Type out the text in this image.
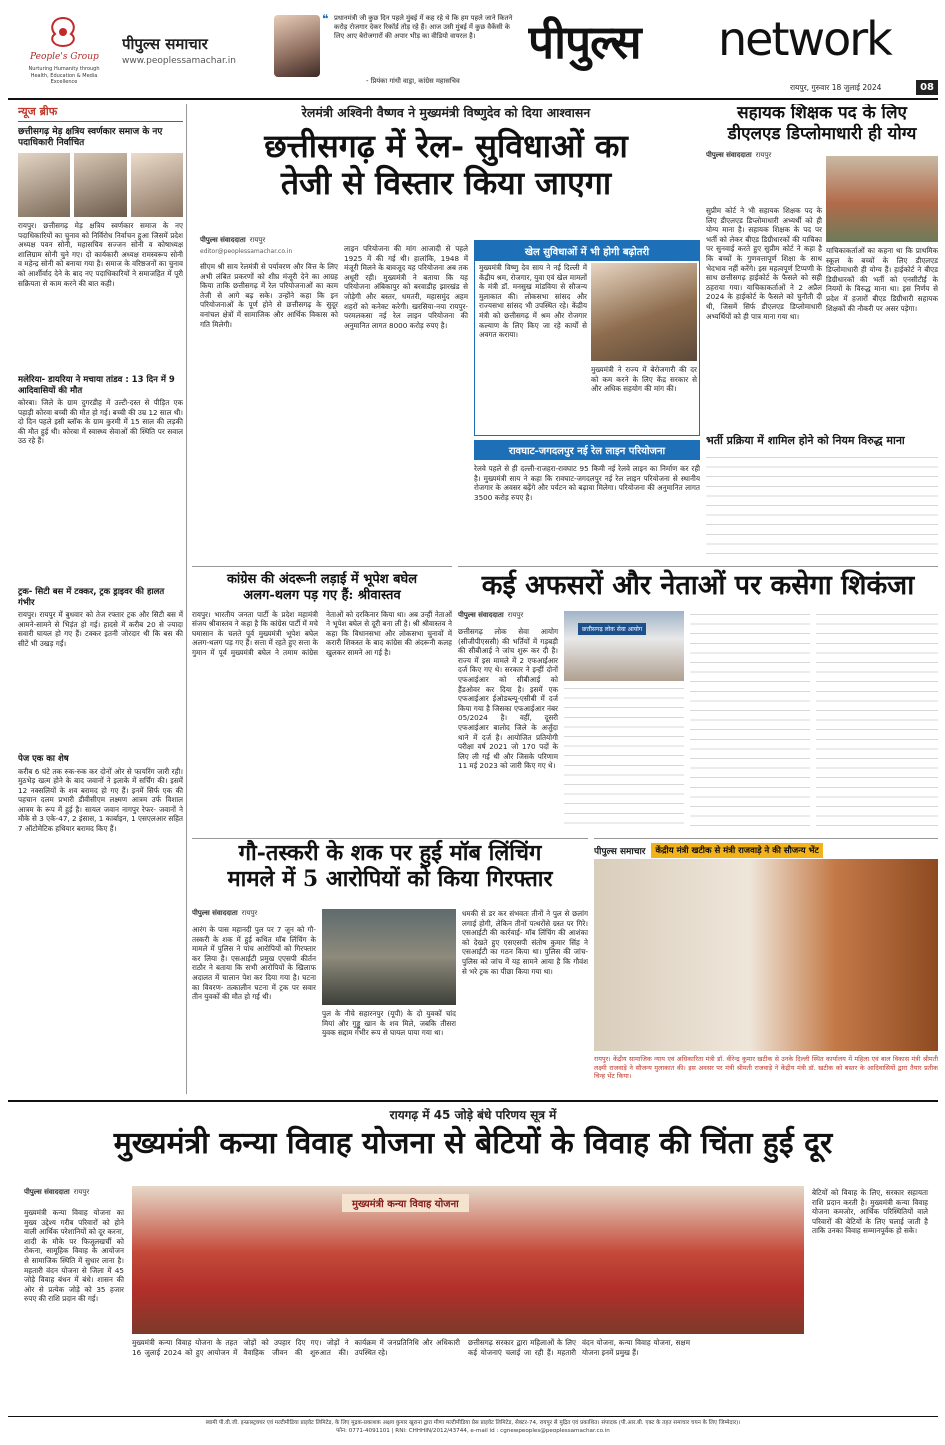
People's Group
Nurturing Humanity through Health, Education & Media Excellence
पीपुल्स समाचार
www.peoplessamachar.in
❝ प्रधानमंत्री जी कुछ दिन पहले मुंबई में कह रहे थे कि हम पहले जाने कितने करोड़ रोजगार देकर रिकॉर्ड तोड़ रहे हैं। आज उसी मुंबई में कुछ वैकेंसी के लिए आए बेरोजगारों की अपार भीड़ का वीडियो वायरल है।
- प्रियंका गांधी वाड्रा, कांग्रेस महासचिव
पीपुल्स network
रायपुर, गुरुवार 18 जुलाई 2024	08
न्यूज ब्रीफ
छत्तीसगढ़ मेड़ क्षत्रिय स्वर्णकार समाज के नए पदाधिकारी निर्वाचित
रायपुर। छत्तीसगढ़ मेड़ क्षत्रिय स्वर्णकार समाज के नए पदाधिकारियों का चुनाव को निर्विरोध निर्वाचन हुआ जिसमें प्रदेश अध्यक्ष पवन सोनी, महासचिव सज्जन सोनी व कोषाध्यक्ष शालिग्राम सोनी चुने गए। दो कार्यकारी अध्यक्ष रामस्वरूप सोनी व महेन्द्र सोनी को बनाया गया है। समाज के वरिष्ठजनों का चुनाव को आर्शीर्वाद देने के बाद नए पदाधिकारियों ने समाजहित में पूरी सक्रियता से काम करने की बात कही।
मलेरिया- डायरिया ने मचाया तांडव : 13 दिन में 9 आदिवासियों की मौत
कोरबा। जिले के ग्राम दुगरडीह में उल्टी-दस्त से पीड़ित एक पहाड़ी कोरवा बच्ची की मौत हो गई। बच्ची की उम्र 12 साल थी। दो दिन पहले इसी ब्लॉक के ग्राम कुरमी में 15 साल की लड़की की मौत हुई थी। कोरबा में स्वास्थ्य सेवाओं की स्थिति पर सवाल उठ रहे हैं।
ट्रक- सिटी बस में टक्कर, ट्रक ड्राइवर की हालत गंभीर
रायपुर। रायपुर में बुधवार को तेज रफ्तार ट्रक और सिटी बस में आमने-सामने से भिड़ंत हो गई। हादसे में करीब 20 से ज्यादा सवारी घायल हो गए हैं। टक्कर इतनी जोरदार थी कि बस की सीटें भी उखड़ गईं।
पेज एक का शेष
करीब 6 घंटे तक रुक-रुक कर दोनों ओर से फायरिंग जारी रही। मुठभेड़ खत्म होने के बाद जवानों ने इलाके में सर्चिंग की। इसमें 12 नक्सलियों के शव बरामद हो गए हैं। इनमें सिर्फ एक की पहचान दलम प्रभारी डीवीसीएम लक्ष्मण आत्रम उर्फ विशाल आत्रम के रूप में हुई है। सायल जवान नागपुर रेफर- जवानों ने मौके से 3 एके-47, 2 इंसास, 1 कार्बाइन, 1 एसएलआर सहित 7 ऑटोमेटिक हथियार बरामद किए हैं।
रेलमंत्री अश्विनी वैष्णव ने मुख्यमंत्री विष्णुदेव को दिया आश्वासन
छत्तीसगढ़ में रेल- सुविधाओं का
तेजी से विस्तार किया जाएगा
पीपुल्स संवाददाता रायपुर
editor@peoplessamachar.co.in
सीएम श्री साय रेलमंत्री से पर्यावरण और वित्त के लिए अभी लंबित प्रकरणों को शीघ्र मंजूरी देने का आग्रह किया ताकि छत्तीसगढ़ में रेल परियोजनाओं का काम तेजी से आगे बढ़ सके। उन्होंने कहा कि इन परियोजनाओं के पूर्ण होने से छत्तीसगढ़ के सुदूर वनांचल क्षेत्रों में सामाजिक और आर्थिक विकास को गति मिलेगी।
लाइन परियोजना की मांग आजादी से पहले 1925 में की गई थी। हालांकि, 1948 में मंजूरी मिलने के बावजूद यह परियोजना अब तक अधूरी रही। मुख्यमंत्री ने बताया कि यह परियोजना अंबिकापुर को बरवाडीह झारखंड से जोड़ेगी और बस्तर, धमतरी, महासमुंद अहम शहरों को कनेक्ट करेगी। खरसिया-नया रायपुर-परमलकसा नई रेल लाइन परियोजना की अनुमानित लागत 8000 करोड़ रुपए है।
खेल सुविधाओं में भी होगी बढ़ोतरी
मुख्यमंत्री विष्णु देव साय ने नई दिल्ली में केंद्रीय श्रम, रोजगार, युवा एवं खेल मामलों के मंत्री डॉ. मनसुख मांडविया से सौजन्य मुलाकात की। लोकसभा सांसद और राज्यसभा सांसद भी उपस्थित रहे। केंद्रीय मंत्री को छत्तीसगढ़ में श्रम और रोजगार कल्याण के लिए किए जा रहे कार्यों से अवगत कराया।
मुख्यमंत्री ने राज्य में बेरोजगारी की दर को कम करने के लिए केंद्र सरकार से और अधिक सहयोग की मांग की।
रावघाट-जगदलपुर नई रेल लाइन परियोजना
रेलवे पहले से ही दल्ली-राजहरा-रावघाट 95 किमी नई रेलवे लाइन का निर्माण कर रही है। मुख्यमंत्री साय ने कहा कि रावघाट-जगदलपुर नई रेल लाइन परियोजना से स्थानीय रोजगार के अवसर बढ़ेंगे और पर्यटन को बढ़ावा मिलेगा। परियोजना की अनुमानित लागत 3500 करोड़ रुपए है।
सहायक शिक्षक पद के लिए
डीएलएड डिप्लोमाधारी ही योग्य
पीपुल्स संवाददाता रायपुर
सुप्रीम कोर्ट ने भी सहायक शिक्षक पद के लिए डीएलएड डिप्लोमाधारी अभ्यर्थी को ही योग्य माना है। सहायक शिक्षक के पद पर भर्ती को लेकर बीएड डिग्रीधारकों की याचिका पर सुनवाई करते हुए सुप्रीम कोर्ट ने कहा है कि बच्चों के गुणवत्तापूर्ण शिक्षा के साथ भेदभाव नहीं करेंगे। इस महत्वपूर्ण टिप्पणी के साथ छत्तीसगढ़ हाईकोर्ट के फैसले को सही ठहराया गया। याचिकाकर्ताओं ने 2 अप्रैल 2024 के हाईकोर्ट के फैसले को चुनौती दी थी, जिसमें सिर्फ डीएलएड डिप्लोमाधारी अभ्यर्थियों को ही पात्र माना गया था।
याचिकाकर्ताओं का कहना था कि प्राथमिक स्कूल के बच्चों के लिए डीएलएड डिप्लोमाधारी ही योग्य हैं। हाईकोर्ट ने बीएड डिग्रीधारकों की भर्ती को एनसीटीई के नियमों के विरुद्ध माना था। इस निर्णय से प्रदेश में हजारों बीएड डिग्रीधारी सहायक शिक्षकों की नौकरी पर असर पड़ेगा।
भर्ती प्रक्रिया में शामिल होने को नियम विरुद्ध माना
कांग्रेस की अंदरूनी लड़ाई में भूपेश बघेल
अलग-थलग पड़ गए हैं: श्रीवास्तव
रायपुर। भारतीय जनता पार्टी के प्रदेश महामंत्री संजय श्रीवास्तव ने कहा है कि कांग्रेस पार्टी में मचे घमासान के चलते पूर्व मुख्यमंत्री भूपेश बघेल अलग-थलग पड़ गए हैं। सत्ता में रहते हुए सत्ता के गुमान में पूर्व मुख्यमंत्री बघेल ने तमाम कांग्रेस नेताओं को दरकिनार किया था। अब उन्हीं नेताओं ने भूपेश बघेल से दूरी बना ली है। श्री श्रीवास्तव ने कहा कि विधानसभा और लोकसभा चुनावों में करारी शिकस्त के बाद कांग्रेस की अंदरूनी कलह खुलकर सामने आ गई है।
कई अफसरों और नेताओं पर कसेगा शिकंजा
पीपुल्स संवाददाता रायपुर
छत्तीसगढ़ लोक सेवा आयोग (सीजीपीएससी) की भर्तियों में गड़बड़ी की सीबीआई ने जांच शुरू कर दी है। राज्य में इस मामले में 2 एफआईआर दर्ज किए गए थे। सरकार ने इन्हीं दोनों एफआईआर को सीबीआई को हैंडओवर कर दिया है। इसमें एक एफआईआर ईओडब्ल्यू-एसीबी में दर्ज किया गया है जिसका एफआईआर नंबर 05/2024 है। वहीं, दूसरी एफआईआर बालोद जिले के अर्जुंदा थाने में दर्ज है। आयोजित प्रतियोगी परीक्षा वर्ष 2021 जो 170 पदों के लिए ली गई थी और जिसके परिणाम 11 मई 2023 को जारी किए गए थे।
छत्तीसगढ़ लोक सेवा आयोग
गौ-तस्करी के शक पर हुई मॉब लिंचिंग
मामले में 5 आरोपियों को किया गिरफ्तार
पीपुल्स संवाददाता रायपुर
आरंग के पास महानदी पुल पर 7 जून को गौ-तस्करी के शक में हुई कथित मॉब लिंचिंग के मामले में पुलिस ने पांच आरोपियों को गिरफ्तार कर लिया है। एसआईटी प्रमुख एएसपी कीर्तन राठौर ने बताया कि सभी आरोपियों के खिलाफ अदालत में चालान पेश कर दिया गया है। घटना का विवरण- तत्कालीन घटना में ट्रक पर सवार तीन युवकों की मौत हो गई थी।
पुल के नीचे सहारनपुर (यूपी) के दो युवकों चांद मियां और गुड्डू खान के शव मिले, जबकि तीसरा युवक सद्दाम गंभीर रूप से घायल पाया गया था।
धमकी से डर कर संभवतः तीनों ने पुल से छलांग लगाई होगी, लेकिन तीनों पत्थरोंसे ग्रस्त पर गिरे। एसआईटी की कार्रवाई- मॉब लिंचिंग की आशंका को देखते हुए एसएसपी संतोष कुमार सिंह ने एसआईटी का गठन किया था। पुलिस की जांच- पुलिस को जांच में यह सामने आया है कि गौवंश से भरे ट्रक का पीछा किया गया था।
पीपुल्स समाचार	केंद्रीय मंत्री खटीक से मंत्री राजवाड़े ने की सौजन्य भेंट
रायपुर। केंद्रीय सामाजिक न्याय एवं अधिकारिता मंत्री डॉ. वीरेन्द्र कुमार खटीक से उनके दिल्ली स्थित कार्यालय में महिला एवं बाल विकास मंत्री श्रीमती लक्ष्मी राजवाड़े ने सौजन्य मुलाकात की। इस अवसर पर मंत्री श्रीमती राजवाड़े ने केंद्रीय मंत्री डॉ. खटीक को बस्तर के आदिवासियों द्वारा तैयार प्रतीक चिन्ह भेंट किया।
रायगढ़ में 45 जोड़े बंधे परिणय सूत्र में
मुख्यमंत्री कन्या विवाह योजना से बेटियों के विवाह की चिंता हुई दूर
पीपुल्स संवाददाता रायपुर
मुख्यमंत्री कन्या विवाह योजना का मुख्य उद्देश्य गरीब परिवारों को होने वाली आर्थिक परेशानियों को दूर करना, शादी के मौके पर फिजूलखर्ची को रोकना, सामूहिक विवाह के आयोजन से सामाजिक स्थिति में सुधार लाना है। महतारी वंदन योजना से जिला में 45 जोड़े विवाह बंधन में बंधे। शासन की ओर से प्रत्येक जोड़े को 35 हजार रुपए की राशि प्रदान की गई।
मुख्यमंत्री कन्या विवाह योजना
मुख्यमंत्री कन्या विवाह योजना के तहत 16 जुलाई 2024 को हुए आयोजन में जोड़ों को उपहार दिए गए। जोड़ों ने वैवाहिक जीवन की शुरुआत की। कार्यक्रम में जनप्रतिनिधि और अधिकारी उपस्थित रहे।
छत्तीसगढ़ सरकार द्वारा महिलाओं के लिए कई योजनाएं चलाई जा रही हैं। महतारी वंदन योजना, कन्या विवाह योजना, सक्षम योजना इनमें प्रमुख हैं।
बेटियों को विवाह के लिए, सरकार सहायता राशि प्रदान करती है। मुख्यमंत्री कन्या विवाह योजना कमजोर, आर्थिक परिस्थितियों वाले परिवारों की बेटियों के लिए चलाई जाती है ताकि उनका विवाह सम्मानपूर्वक हो सके।
स्वामी पी.वी.जी. इन्फ्रास्ट्रक्चर एवं मल्टीमीडिया प्राइवेट लिमिटेड, के लिए मुद्रक-प्रकाशक अक्षय कुमार खुराना द्वारा मीणा मल्टीमीडिया प्रेस प्राइवेट लिमिटेड, सेक्टर-74, रायपुर से मुद्रित एवं प्रकाशित। संपादक (पी.आर.बी. एक्ट के तहत समाचार चयन के लिए जिम्मेदार)।
फोन: 0771-4091101 | RNI: CHHHIN/2012/43744, e-mail id : cgnewpeoples@peoplessamachar.co.in
